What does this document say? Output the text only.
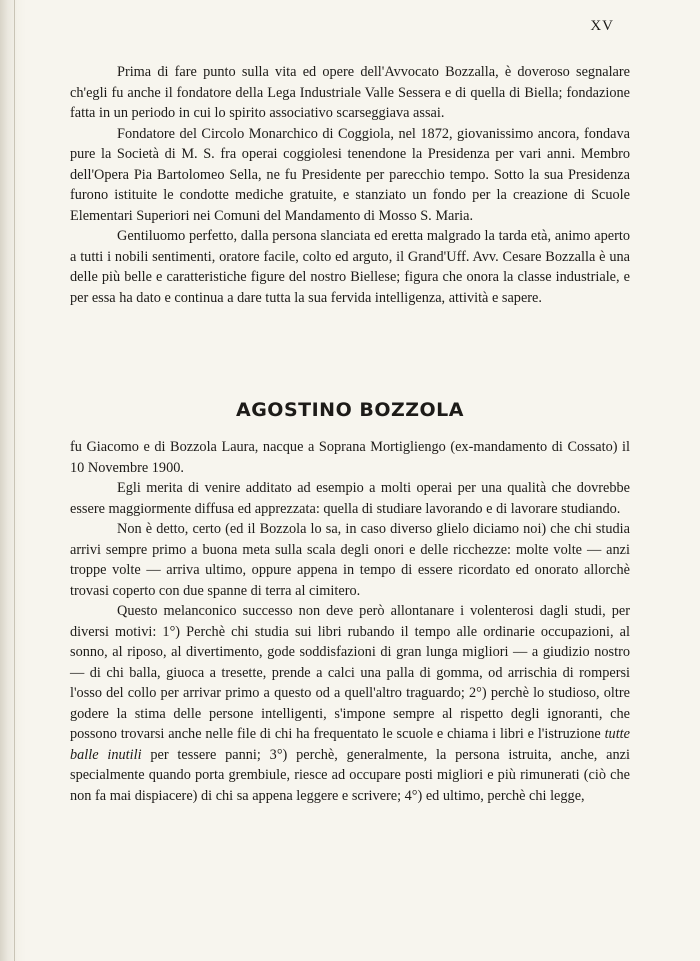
XV

Prima di fare punto sulla vita ed opere dell'Avvocato Bozzalla, è doveroso segnalare ch'egli fu anche il fondatore della Lega Industriale Valle Sessera e di quella di Biella; fondazione fatta in un periodo in cui lo spirito associativo scarseggiava assai.

Fondatore del Circolo Monarchico di Coggiola, nel 1872, giovanissimo ancora, fondava pure la Società di M. S. fra operai coggiolesi tenendone la Presidenza per vari anni. Membro dell'Opera Pia Bartolomeo Sella, ne fu Presidente per parecchio tempo. Sotto la sua Presidenza furono istituite le condotte mediche gratuite, e stanziato un fondo per la creazione di Scuole Elementari Superiori nei Comuni del Mandamento di Mosso S. Maria.

Gentiluomo perfetto, dalla persona slanciata ed eretta malgrado la tarda età, animo aperto a tutti i nobili sentimenti, oratore facile, colto ed arguto, il Grand'Uff. Avv. Cesare Bozzalla è una delle più belle e caratteristiche figure del nostro Biellese; figura che onora la classe industriale, e per essa ha dato e continua a dare tutta la sua fervida intelligenza, attività e sapere.

AGOSTINO BOZZOLA

fu Giacomo e di Bozzola Laura, nacque a Soprana Mortigliengo (ex-mandamento di Cossato) il 10 Novembre 1900.

Egli merita di venire additato ad esempio a molti operai per una qualità che dovrebbe essere maggiormente diffusa ed apprezzata: quella di studiare lavorando e di lavorare studiando.

Non è detto, certo (ed il Bozzola lo sa, in caso diverso glielo diciamo noi) che chi studia arrivi sempre primo a buona meta sulla scala degli onori e delle ricchezze: molte volte — anzi troppe volte — arriva ultimo, oppure appena in tempo di essere ricordato ed onorato allorchè trovasi coperto con due spanne di terra al cimitero.

Questo melanconico successo non deve però allontanare i volenterosi dagli studi, per diversi motivi: 1°) Perchè chi studia sui libri rubando il tempo alle ordinarie occupazioni, al sonno, al riposo, al divertimento, gode soddisfazioni di gran lunga migliori — a giudizio nostro — di chi balla, giuoca a tresette, prende a calci una palla di gomma, od arrischia di rompersi l'osso del collo per arrivar primo a questo od a quell'altro traguardo; 2°) perchè lo studioso, oltre godere la stima delle persone intelligenti, s'impone sempre al rispetto degli ignoranti, che possono trovarsi anche nelle file di chi ha frequentato le scuole e chiama i libri e l'istruzione tutte balle inutili per tessere panni; 3°) perchè, generalmente, la persona istruita, anche, anzi specialmente quando porta grembiule, riesce ad occupare posti migliori e più rimunerati (ciò che non fa mai dispiacere) di chi sa appena leggere e scrivere; 4°) ed ultimo, perchè chi legge,
